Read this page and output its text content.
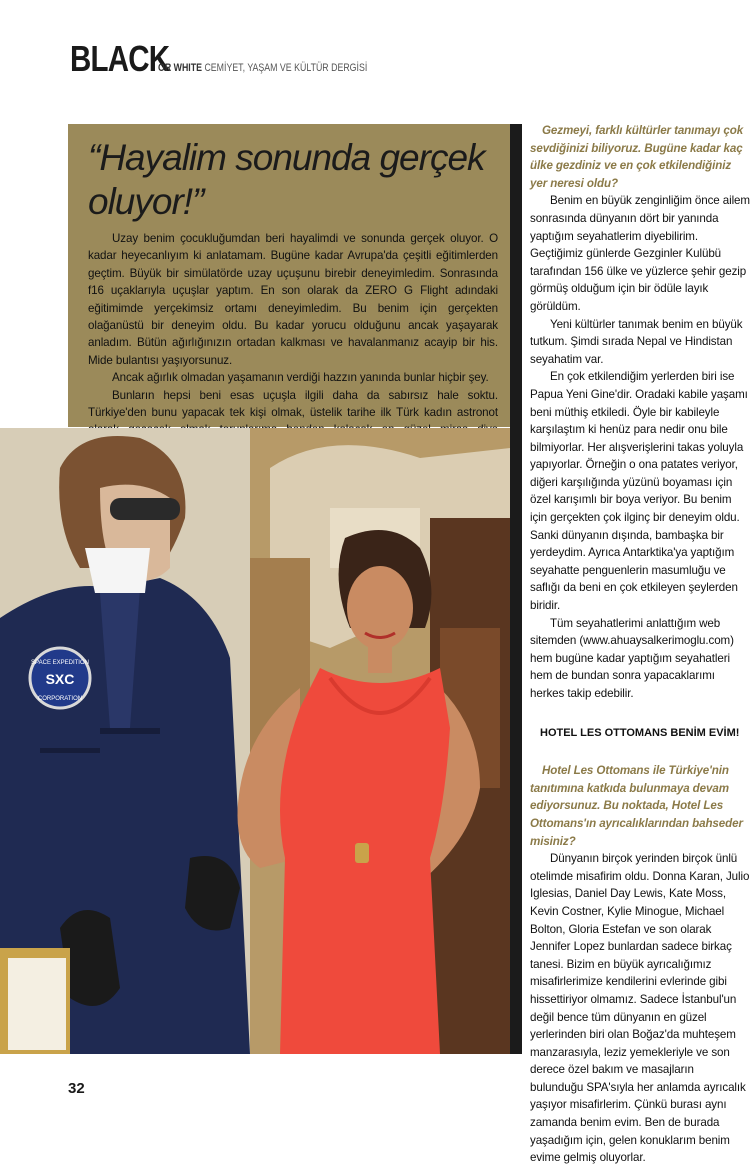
BLACK
OR WHITE CEMİYET, YAŞAM VE KÜLTÜR DERGİSİ
“Hayalim sonunda gerçek oluyor!”

Uzay benim çocukluğumdan beri hayalimdi ve sonunda gerçek oluyor. O kadar heyecanlıyım ki anlatamam. Bugüne kadar Avrupa'da çeşitli eğitimlerden geçtim. Büyük bir simülatörde uzay uçuşunu birebir deneyimledim. Sonrasında f16 uçaklarıyla uçuşlar yaptım. En son olarak da ZERO G Flight adındaki eğitimimde yerçekimsiz ortamı deneyimledim. Bu benim için gerçekten olağanüstü bir deneyim oldu. Bu kadar yorucu olduğunu ancak yaşayarak anladım. Bütün ağırlığınızın ortadan kalkması ve havalanmanız acayip bir his. Mide bulantısı yaşıyorsunuz.

Ancak ağırlık olmadan yaşamanın verdiği hazzın yanında bunlar hiçbir şey.

Bunların hepsi beni esas uçuşla ilgili daha da sabırsız hale soktu. Türkiye'den bunu yapacak tek kişi olmak, üstelik tarihe ilk Türk kadın astronot

SXC
SPACE EXPEDITION
CORPORATION

Gezmeyi, farklı kültürler tanımayı çok sevdiğinizi biliyoruz. Bugüne kadar kaç ülke gezdiniz ve en çok etkilendiğiniz yer neresi oldu?

Benim en büyük zenginliğim önce ailem sonrasında dünyanın dört bir yanında yaptığım seyahatlerim diyebilirim. Geçtiğimiz günlerde Gezginler Kulübü tarafından 156 ülke ve yüzlerce şehir gezip görmüş olduğum için bir ödüle layık görüldüm.

Yeni kültürler tanımak benim en büyük tutkum. Şimdi sırada Nepal ve Hindistan seyahatim var.

En çok etkilendiğim yerlerden biri ise Papua Yeni Gine'dir. Oradaki kabile yaşamı beni müthiş etkiledi. Öyle bir kabileyle karşılaştım ki henüz para nedir onu bile bilmiyorlar. Her alışverişlerini takas yoluyla yapıyorlar. Örneğin o ona patates veriyor, diğeri karşılığında yüzünü boyaması için özel karışımlı bir boya veriyor. Bu benim için gerçekten çok ilginç bir deneyim oldu. Sanki dünyanın dışında, bambaşka bir yerdeydim. Ayrıca Antarktika'ya yaptığım seyahatte penguenlerin masumluğu ve saflığı da beni en çok etkileyen şeylerden biridir.

Tüm seyahatlerimi anlattığım web sitemden (www.ahuaysalkerimoglu.com) hem bugüne kadar yaptığım seyahatleri hem de bundan sonra yapacaklarımı herkes takip edebilir.

HOTEL LES OTTOMANS BENİM EVİM!

Hotel Les Ottomans ile Türkiye'nin tanıtımına katkıda bulunmaya devam ediyorsunuz. Bu noktada, Hotel Les Ottomans'ın ayrıcalıklarından bahseder misiniz?

Dünyanın birçok yerinden birçok ünlü otelimde misafirim oldu. Donna Karan, Julio Iglesias, Daniel Day Lewis, Kate Moss, Kevin Costner, Kylie Minogue, Michael Bolton, Gloria Estefan ve son olarak Jennifer Lopez bunlardan sadece birkaç tanesi. Bizim en büyük ayrıcalığımız misafirlerimize kendilerini evlerinde gibi hissettiriyor olmamız. Sadece İstanbul'un değil bence tüm dünyanın en güzel yerlerinden biri olan Boğaz'da muhteşem manzarasıyla, leziz yemekleriyle ve son derece özel bakım ve masajların bulunduğu SPA'sıyla her anlamda ayrıcalık yaşıyor misafirlerim. Çünkü burası aynı zamanda benim evim. Ben de burada yaşadığım için, gelen konuklarım benim evime gelmiş oluyorlar.

32
